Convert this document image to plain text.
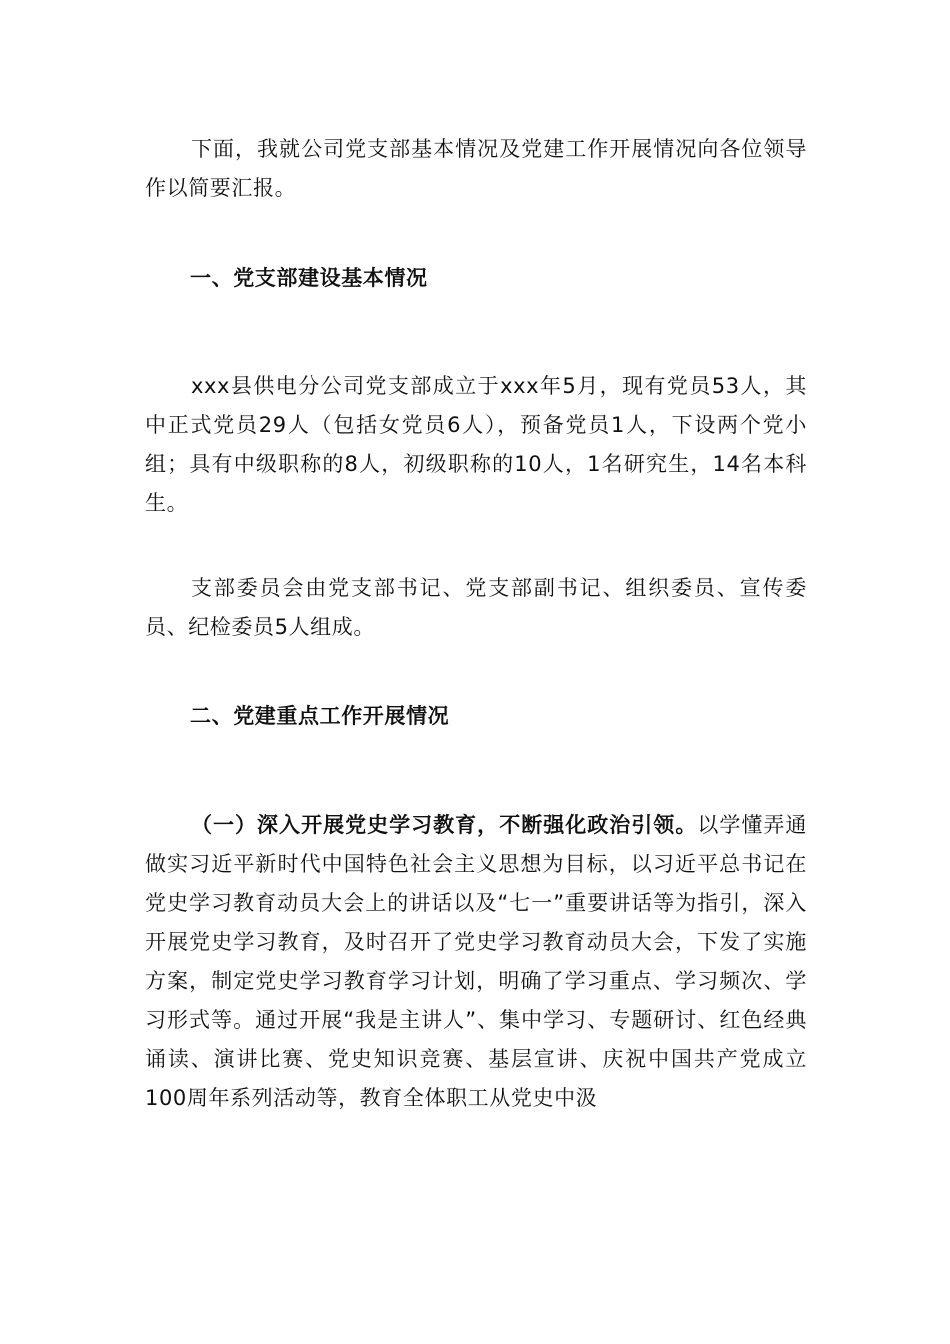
下面，我就公司党支部基本情况及党建工作开展情况向各位领导作以简要汇报。

一、党支部建设基本情况

xxx县供电分公司党支部成立于xxx年5月，现有党员53人，其中正式党员29人（包括女党员6人），预备党员1人，下设两个党小组；具有中级职称的8人，初级职称的10人，1名研究生，14名本科生。

支部委员会由党支部书记、党支部副书记、组织委员、宣传委员、纪检委员5人组成。

二、党建重点工作开展情况

（一）深入开展党史学习教育，不断强化政治引领。以学懂弄通做实习近平新时代中国特色社会主义思想为目标，以习近平总书记在党史学习教育动员大会上的讲话以及“七一”重要讲话等为指引，深入开展党史学习教育，及时召开了党史学习教育动员大会，下发了实施方案，制定党史学习教育学习计划，明确了学习重点、学习频次、学习形式等。通过开展“我是主讲人”、集中学习、专题研讨、红色经典诵读、演讲比赛、党史知识竞赛、基层宣讲、庆祝中国共产党成立100周年系列活动等，教育全体职工从党史中汲
